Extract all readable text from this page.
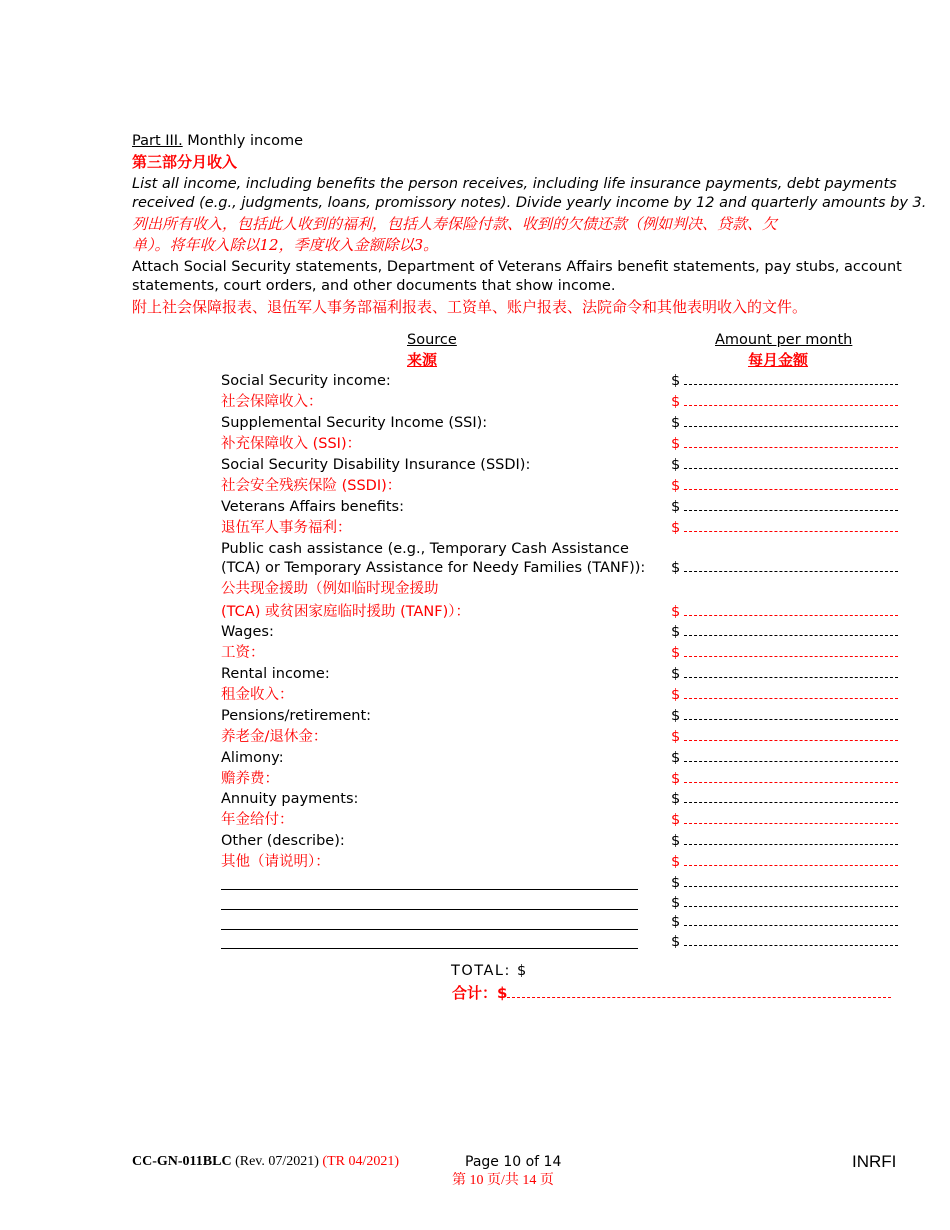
Part III. Monthly income
第三部分月收入
List all income, including benefits the person receives, including life insurance payments, debt payments
received (e.g., judgments, loans, promissory notes). Divide yearly income by 12 and quarterly amounts by 3.
列出所有收入，包括此人收到的福利，包括人寿保险付款、收到的欠债还款（例如判决、贷款、欠
单）。将年收入除以12，季度收入金额除以3。
Attach Social Security statements, Department of Veterans Affairs benefit statements, pay stubs, account
statements, court orders, and other documents that show income.
附上社会保障报表、退伍军人事务部福利报表、工资单、账户报表、法院命令和其他表明收入的文件。
Source
来源
Amount per month
每月金额
Social Security income:	$
社会保障收入：	$
Supplemental Security Income (SSI):	$
补充保障收入 (SSI)：	$
Social Security Disability Insurance (SSDI):	$
社会安全残疾保险 (SSDI)：	$
Veterans Affairs benefits:	$
退伍军人事务福利：	$
Public cash assistance (e.g., Temporary Cash Assistance
(TCA) or Temporary Assistance for Needy Families (TANF)): $
公共现金援助（例如临时现金援助
(TCA) 或贫困家庭临时援助 (TANF)）：	$
Wages:	$
工资：	$
Rental income:	$
租金收入：	$
Pensions/retirement:	$
养老金/退休金：	$
Alimony:	$
赡养费：	$
Annuity payments:	$
年金给付：	$
Other (describe):	$
其他（请说明）：	$
$
$
$
$
TOTAL: $
合计：$
CC-GN-011BLC (Rev. 07/2021) (TR 04/2021)	Page 10 of 14
第 10 页/共 14 页
INRFI
